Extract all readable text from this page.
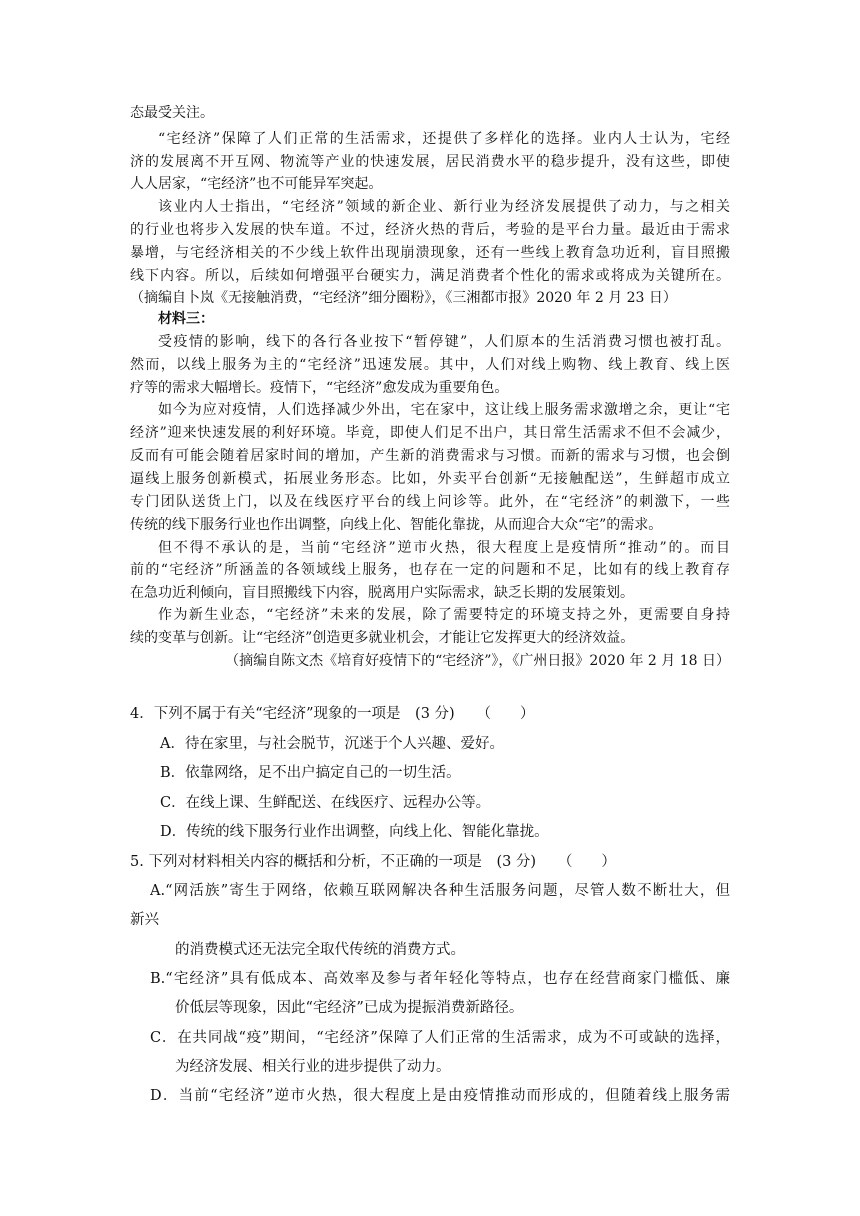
态最受关注。
“宅经济”保障了人们正常的生活需求，还提供了多样化的选择。业内人士认为，宅经
济的发展离不开互网、物流等产业的快速发展，居民消费水平的稳步提升，没有这些，即使
人人居家，“宅经济”也不可能异军突起。
该业内人士指出，“宅经济”领域的新企业、新行业为经济发展提供了动力，与之相关
的行业也将步入发展的快车道。不过，经济火热的背后，考验的是平台力量。最近由于需求
暴增，与宅经济相关的不少线上软件出现崩溃现象，还有一些线上教育急功近利，盲目照搬
线下内容。所以，后续如何增强平台硬实力，满足消费者个性化的需求或将成为关键所在。
（摘编自卜岚《无接触消费，“宅经济”细分圈粉》，《三湘都市报》2020 年 2 月 23 日）
材料三：
受疫情的影响，线下的各行各业按下“暂停键”，人们原本的生活消费习惯也被打乱。
然而，以线上服务为主的“宅经济”迅速发展。其中，人们对线上购物、线上教育、线上医
疗等的需求大幅增长。疫情下，“宅经济”愈发成为重要角色。
如今为应对疫情，人们选择减少外出，宅在家中，这让线上服务需求激增之余，更让“宅
经济”迎来快速发展的利好环境。毕竟，即使人们足不出户，其日常生活需求不但不会减少，
反而有可能会随着居家时间的增加，产生新的消费需求与习惯。而新的需求与习惯，也会倒
逼线上服务创新模式，拓展业务形态。比如，外卖平台创新“无接触配送”，生鲜超市成立
专门团队送货上门，以及在线医疗平台的线上问诊等。此外，在“宅经济”的刺激下，一些
传统的线下服务行业也作出调整，向线上化、智能化靠拢，从而迎合大众“宅”的需求。
但不得不承认的是，当前“宅经济”逆市火热，很大程度上是疫情所“推动”的。而目
前的“宅经济”所涵盖的各领域线上服务，也存在一定的问题和不足，比如有的线上教育存
在急功近利倾向，盲目照搬线下内容，脱离用户实际需求，缺乏长期的发展策划。
作为新生业态，“宅经济”未来的发展，除了需要特定的环境支持之外，更需要自身持
续的变革与创新。让“宅经济”创造更多就业机会，才能让它发挥更大的经济效益。
（摘编自陈文杰《培育好疫情下的“宅经济”》，《广州日报》2020 年 2 月 18 日）
4．下列不属于有关“宅经济”现象的一项是　(3 分)　　（　　）
A．待在家里，与社会脱节，沉迷于个人兴趣、爱好。
B．依靠网络，足不出户搞定自己的一切生活。
C．在线上课、生鲜配送、在线医疗、远程办公等。
D．传统的线下服务行业作出调整，向线上化、智能化靠拢。
5. 下列对材料相关内容的概括和分析，不正确的一项是　(3 分)　　（　　）
A.“网活族”寄生于网络，依赖互联网解决各种生活服务问题，尽管人数不断壮大，但
新兴
的消费模式还无法完全取代传统的消费方式。
B.“宅经济”具有低成本、高效率及参与者年轻化等特点，也存在经营商家门槛低、廉
价低层等现象，因此“宅经济”已成为提振消费新路径。
C．在共同战“疫”期间，“宅经济”保障了人们正常的生活需求，成为不可或缺的选择，
为经济发展、相关行业的进步提供了动力。
D．当前“宅经济”逆市火热，很大程度上是由疫情推动而形成的，但随着线上服务需
